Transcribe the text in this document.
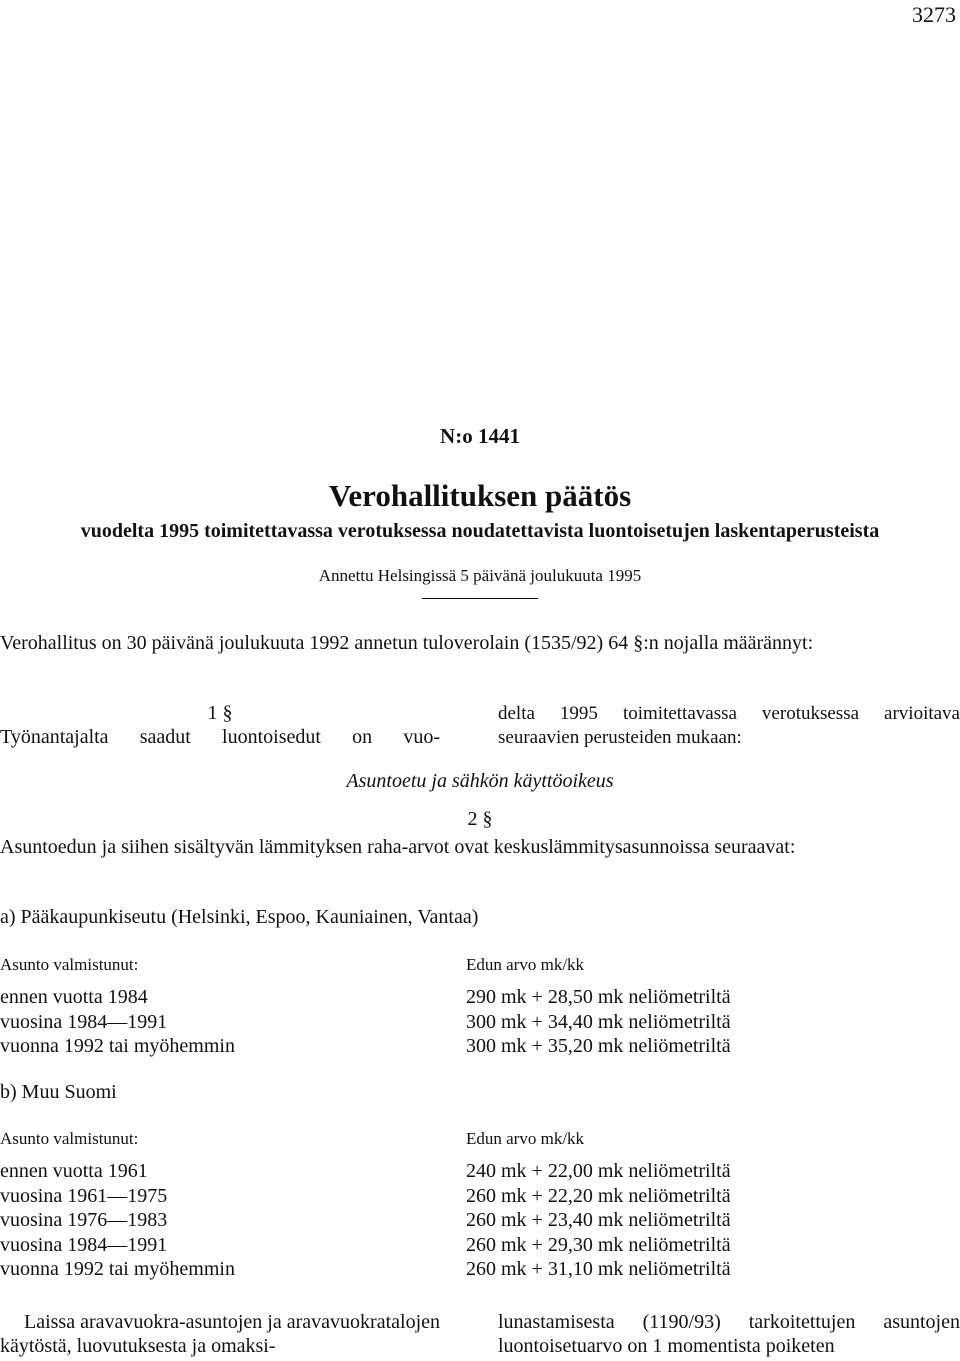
3273
N:o 1441
Verohallituksen päätös
vuodelta 1995 toimitettavassa verotuksessa noudatettavista luontoisetujen laskentaperusteista
Annettu Helsingissä 5 päivänä joulukuuta 1995
Verohallitus on 30 päivänä joulukuuta 1992 annetun tuloverolain (1535/92) 64 §:n nojalla määrännyt:
1 §
Työnantajalta saadut luontoisedut on vuo-
delta 1995 toimitettavassa verotuksessa arvioitava seuraavien perusteiden mukaan:
Asuntoetu ja sähkön käyttöoikeus
2 §
Asuntoedun ja siihen sisältyvän lämmityksen raha-arvot ovat keskuslämmitysasunnoissa seuraavat:
a) Pääkaupunkiseutu (Helsinki, Espoo, Kauniainen, Vantaa)
Asunto valmistunut:	Edun arvo mk/kk
ennen vuotta 1984
vuosina 1984—1991
vuonna 1992 tai myöhemmin
290 mk + 28,50 mk neliömetriltä
300 mk + 34,40 mk neliömetriltä
300 mk + 35,20 mk neliömetriltä
b) Muu Suomi
Asunto valmistunut:	Edun arvo mk/kk
ennen vuotta 1961
vuosina 1961—1975
vuosina 1976—1983
vuosina 1984—1991
vuonna 1992 tai myöhemmin
240 mk + 22,00 mk neliömetriltä
260 mk + 22,20 mk neliömetriltä
260 mk + 23,40 mk neliömetriltä
260 mk + 29,30 mk neliömetriltä
260 mk + 31,10 mk neliömetriltä
Laissa aravavuokra-asuntojen ja aravavuokratalojen käytöstä, luovutuksesta ja omaksi-
lunastamisesta (1190/93) tarkoitettujen asuntojen luontoisetuarvo on 1 momentista poiketen
